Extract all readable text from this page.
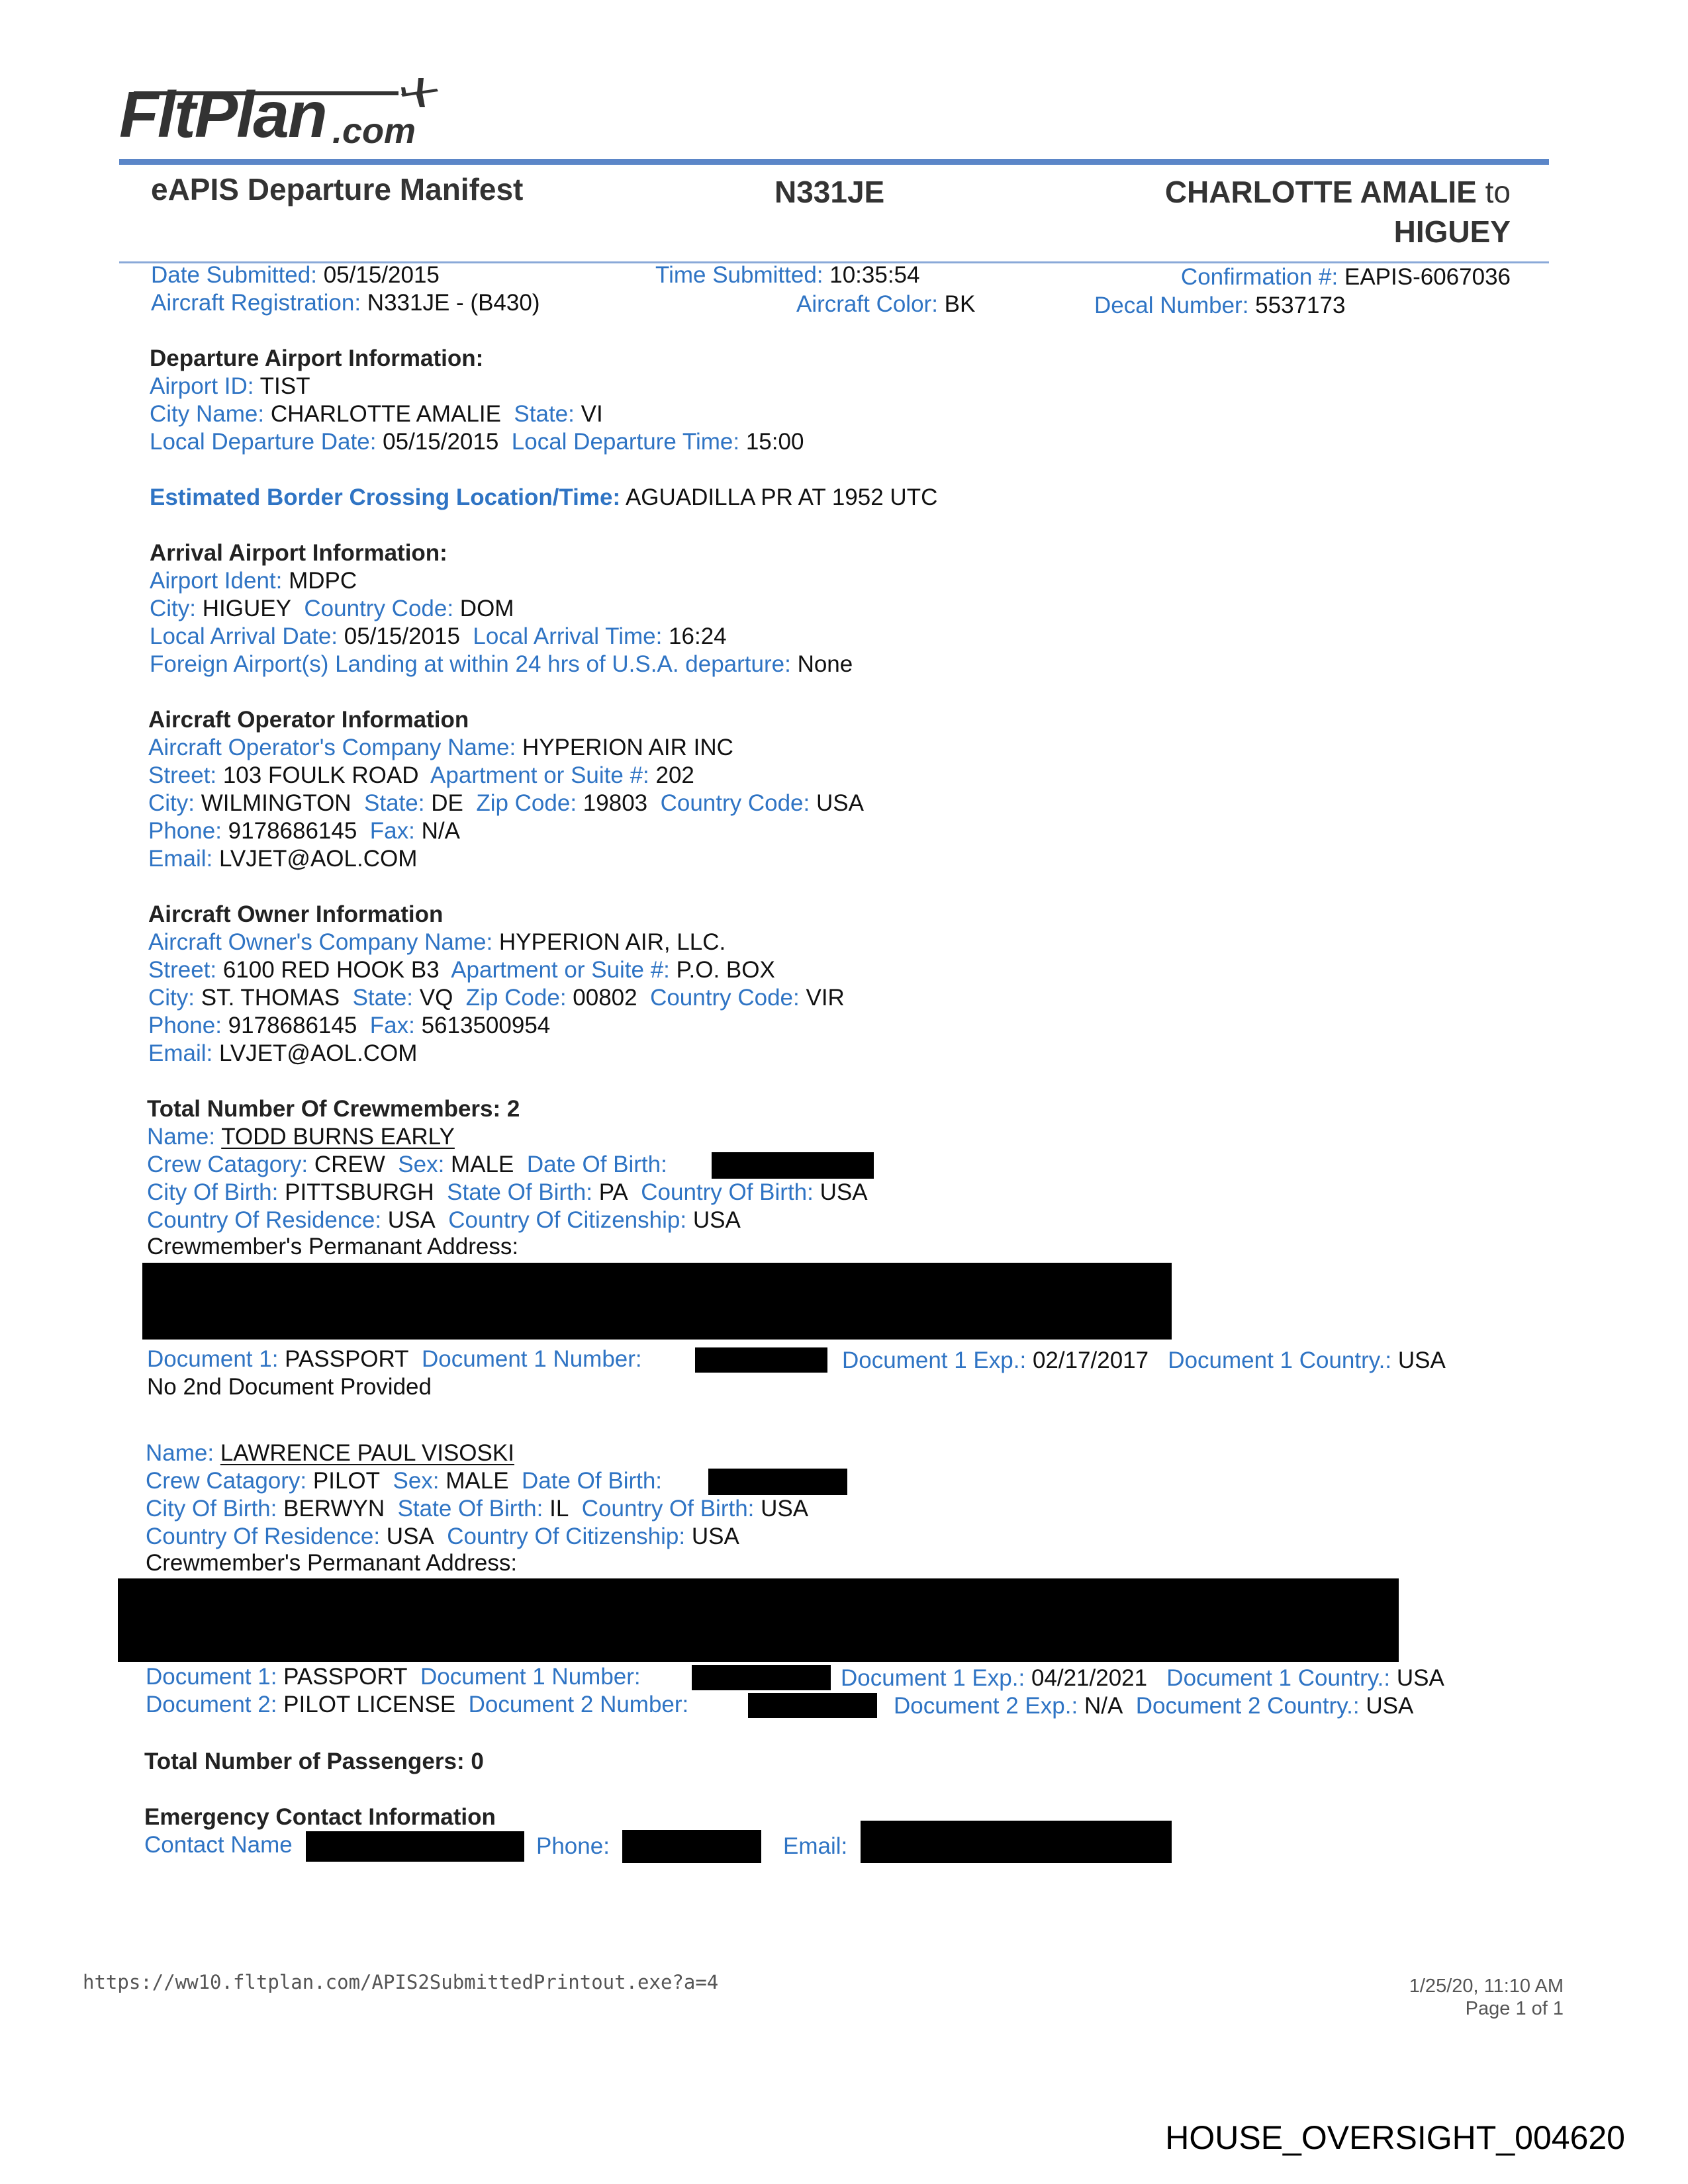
FltPlan .com
eAPIS Departure Manifest	N331JE	CHARLOTTE AMALIE to
HIGUEY
Date Submitted: 05/15/2015	Time Submitted: 10:35:54	Confirmation #: EAPIS-6067036
Aircraft Registration: N331JE - (B430)	Aircraft Color: BK	Decal Number: 5537173
Departure Airport Information:
Airport ID: TIST
City Name: CHARLOTTE AMALIE State: VI
Local Departure Date: 05/15/2015 Local Departure Time: 15:00
Estimated Border Crossing Location/Time: AGUADILLA PR AT 1952 UTC
Arrival Airport Information:
Airport Ident: MDPC
City: HIGUEY Country Code: DOM
Local Arrival Date: 05/15/2015 Local Arrival Time: 16:24
Foreign Airport(s) Landing at within 24 hrs of U.S.A. departure: None
Aircraft Operator Information
Aircraft Operator's Company Name: HYPERION AIR INC
Street: 103 FOULK ROAD Apartment or Suite #: 202
City: WILMINGTON State: DE Zip Code: 19803 Country Code: USA
Phone: 9178686145 Fax: N/A
Email: LVJET@AOL.COM
Aircraft Owner Information
Aircraft Owner's Company Name: HYPERION AIR, LLC.
Street: 6100 RED HOOK B3 Apartment or Suite #: P.O. BOX
City: ST. THOMAS State: VQ Zip Code: 00802 Country Code: VIR
Phone: 9178686145 Fax: 5613500954
Email: LVJET@AOL.COM
Total Number Of Crewmembers: 2
Name: TODD BURNS EARLY
Crew Catagory: CREW Sex: MALE Date Of Birth:
City Of Birth: PITTSBURGH State Of Birth: PA Country Of Birth: USA
Country Of Residence: USA Country Of Citizenship: USA
Crewmember's Permanant Address:
Document 1: PASSPORT Document 1 Number:	Document 1 Exp.: 02/17/2017 Document 1 Country.: USA
No 2nd Document Provided
Name: LAWRENCE PAUL VISOSKI
Crew Catagory: PILOT Sex: MALE Date Of Birth:
City Of Birth: BERWYN State Of Birth: IL Country Of Birth: USA
Country Of Residence: USA Country Of Citizenship: USA
Crewmember's Permanant Address:
Document 1: PASSPORT Document 1 Number:	Document 1 Exp.: 04/21/2021 Document 1 Country.: USA
Document 2: PILOT LICENSE Document 2 Number:	Document 2 Exp.: N/A Document 2 Country.: USA
Total Number of Passengers: 0
Emergency Contact Information
Contact Name	Phone:	Email:
https://ww10.fltplan.com/APIS2SubmittedPrintout.exe?a=4	1/25/20, 11:10 AM
Page 1 of 1
HOUSE_OVERSIGHT_004620
